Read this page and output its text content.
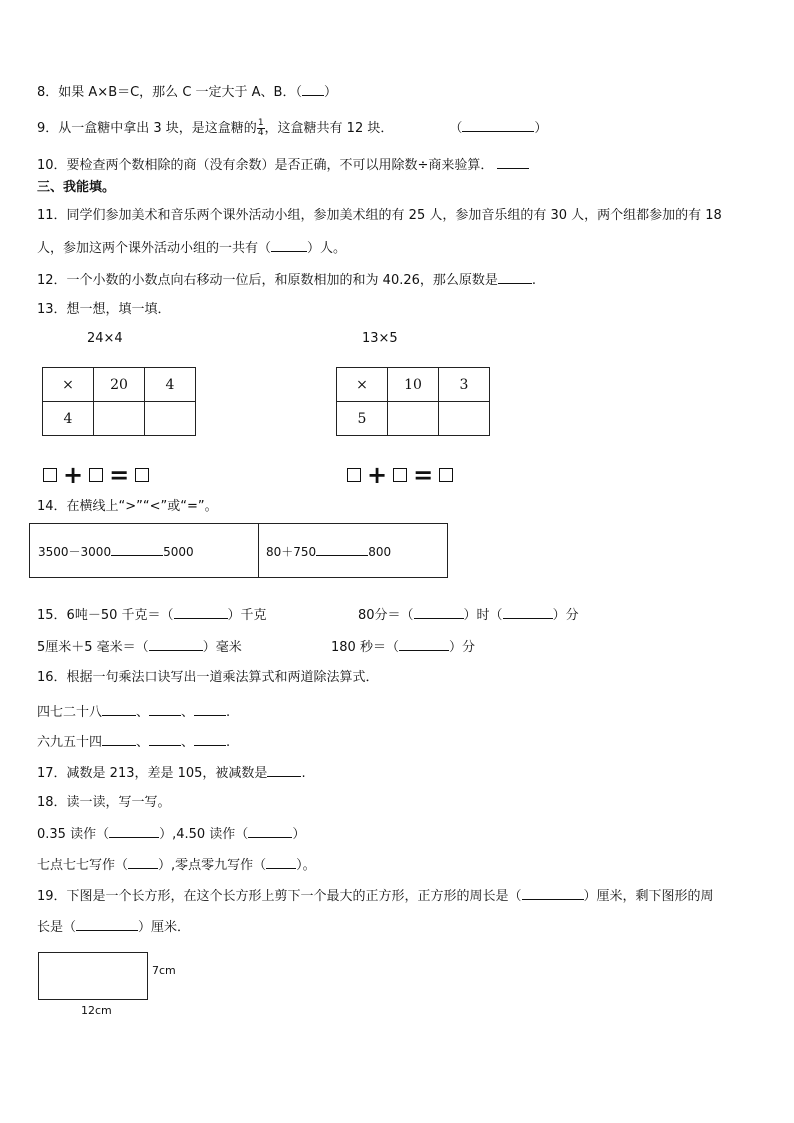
8．如果 A×B＝C，那么 C 一定大于 A、B．（ ）
9．从一盒糖中拿出 3 块，是这盒糖的 $\frac{1}{4}$ ，这盒糖共有 12 块．	（	）
10．要检查两个数相除的商（没有余数）是否正确，不可以用除数÷商来验算．
三、我能填。
11．同学们参加美术和音乐两个课外活动小组，参加美术组的有 25 人，参加音乐组的有 30 人，两个组都参加的有 18
人，参加这两个课外活动小组的一共有（	）人。
12．一个小数的小数点向右移动一位后，和原数相加的和为 40.26，那么原数是	.
13．想一想，填一填．
24×4	13×5
×	20	4
4		
×	10	3
5		
+ =	+ =
14．在横线上“>”“<”或“=”。
3500－3000	5000	80＋750	800
15．6吨－50 千克＝（	）千克	80分＝（	）时（	）分
5厘米＋5 毫米＝（	）毫米	180 秒＝（	）分
16．根据一句乘法口诀写出一道乘法算式和两道除法算式．
四七二十八	、 、 .
六九五十四	、 、 .
17．减数是 213，差是 105，被减数是	.
18．读一读，写一写。
0.35 读作（	）,4.50 读作（	）
七点七七写作（ ）,零点零九写作（ ）。
19．下图是一个长方形，在这个长方形上剪下一个最大的正方形，正方形的周长是（	）厘米，剩下图形的周
长是（	）厘米．
7cm
12cm
